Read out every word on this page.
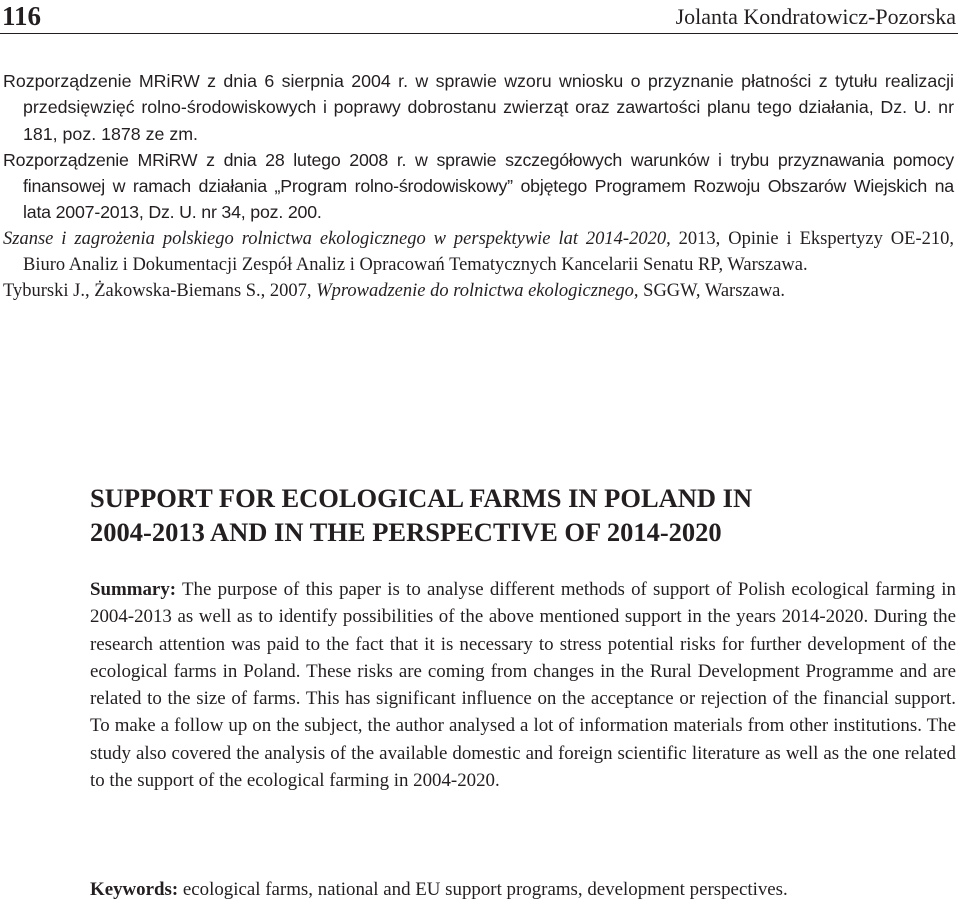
116	Jolanta Kondratowicz-Pozorska
Rozporządzenie MRiRW z dnia 6 sierpnia 2004 r. w sprawie wzoru wniosku o przyznanie płatności z tytułu realizacji przedsięwzięć rolno-środowiskowych i poprawy dobrostanu zwierząt oraz zawartości planu tego działania, Dz. U. nr 181, poz. 1878 ze zm.
Rozporządzenie MRiRW z dnia 28 lutego 2008 r. w sprawie szczegółowych warunków i trybu przyznawania pomocy finansowej w ramach działania „Program rolno-środowiskowy” objętego Programem Rozwoju Obszarów Wiejskich na lata 2007-2013, Dz. U. nr 34, poz. 200.
Szanse i zagrożenia polskiego rolnictwa ekologicznego w perspektywie lat 2014-2020, 2013, Opinie i Ekspertyzy OE-210, Biuro Analiz i Dokumentacji Zespół Analiz i Opracowań Tematycznych Kancelarii Senatu RP, Warszawa.
Tyburski J., Żakowska-Biemans S., 2007, Wprowadzenie do rolnictwa ekologicznego, SGGW, Warszawa.
SUPPORT FOR ECOLOGICAL FARMS IN POLAND IN
2004-2013 AND IN THE PERSPECTIVE OF 2014-2020
Summary: The purpose of this paper is to analyse different methods of support of Polish ecological farming in 2004-2013 as well as to identify possibilities of the above mentioned support in the years 2014-2020. During the research attention was paid to the fact that it is necessary to stress potential risks for further development of the ecological farms in Poland. These risks are coming from changes in the Rural Development Programme and are related to the size of farms. This has significant influence on the acceptance or rejection of the financial support. To make a follow up on the subject, the author analysed a lot of information materials from other institutions. The study also covered the analysis of the available domestic and foreign scientific literature as well as the one related to the support of the ecological farming in 2004-2020.
Keywords: ecological farms, national and EU support programs, development perspectives.
